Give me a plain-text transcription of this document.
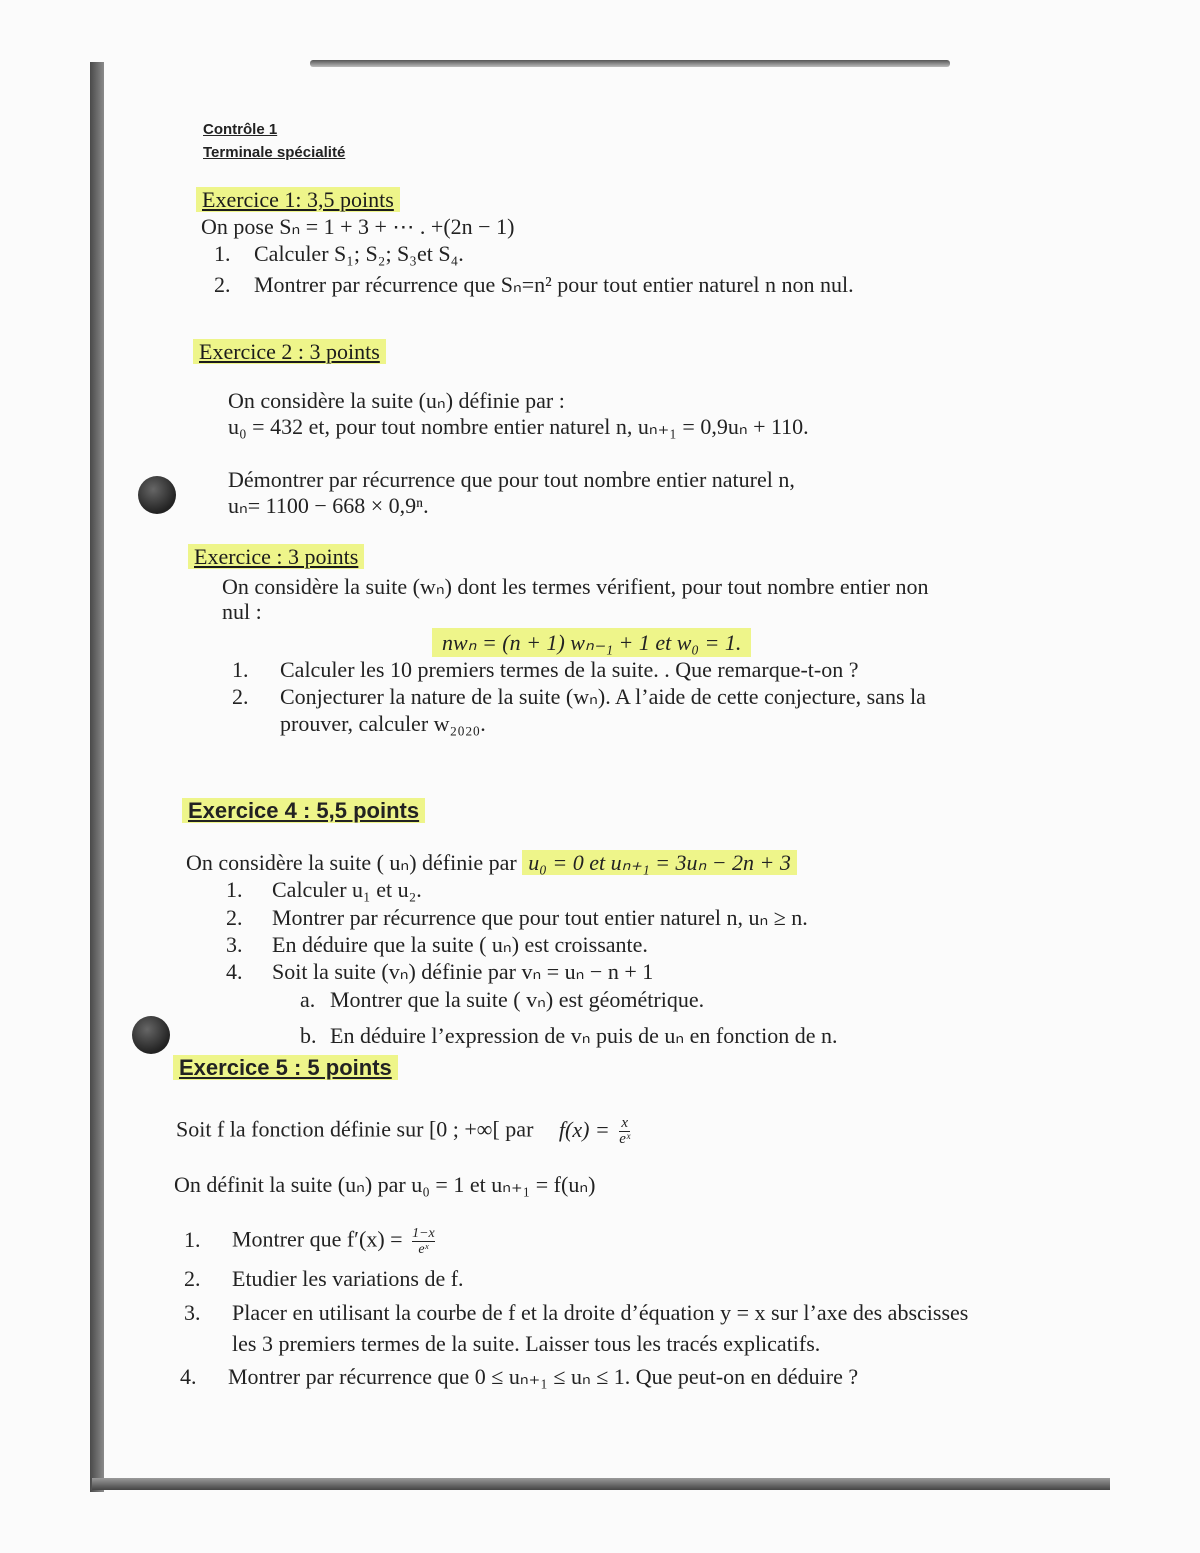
Contrôle 1
Terminale spécialité
Exercice 1: 3,5 points
On pose Sₙ = 1 + 3 + ⋯ . +(2n − 1)
1. Calculer S₁; S₂; S₃et S₄.
2. Montrer par récurrence que Sₙ=n² pour tout entier naturel n non nul.
Exercice 2 : 3 points
On considère la suite (uₙ) définie par :
u₀ = 432 et, pour tout nombre entier naturel n, uₙ₊₁ = 0,9uₙ + 110.
Démontrer par récurrence que pour tout nombre entier naturel n,
uₙ= 1100 − 668 × 0,9ⁿ.
Exercice : 3 points
On considère la suite (wₙ) dont les termes vérifient, pour tout nombre entier non
nul :
nwₙ = (n + 1) wₙ₋₁ + 1 et w₀ = 1.
1. Calculer les 10 premiers termes de la suite. . Que remarque-t-on ?
2. Conjecturer la nature de la suite (wₙ). A l’aide de cette conjecture, sans la
prouver, calculer w₂₀₂₀.
Exercice 4 : 5,5 points
On considère la suite ( uₙ) définie par u₀ = 0 et uₙ₊₁ = 3uₙ − 2n + 3
1. Calculer u₁ et u₂.
2. Montrer par récurrence que pour tout entier naturel n, uₙ ≥ n.
3. En déduire que la suite ( uₙ) est croissante.
4. Soit la suite (vₙ) définie par vₙ = uₙ − n + 1
a. Montrer que la suite ( vₙ) est géométrique.
b. En déduire l’expression de vₙ puis de uₙ en fonction de n.
Exercice 5 : 5 points
Soit f la fonction définie sur [0 ; +∞[ par $f(x) = \frac{x}{\text{eˣ}}$
On définit la suite (uₙ) par u₀ = 1 et uₙ₊₁ = f(uₙ)
1. Montrer que $f'(x) = \frac{1-x}{\text{eˣ}}$
2. Etudier les variations de f.
3. Placer en utilisant la courbe de f et la droite d’équation y = x sur l’axe des abscisses
les 3 premiers termes de la suite. Laisser tous les tracés explicatifs.
4. Montrer par récurrence que 0 ≤ uₙ₊₁ ≤ uₙ ≤ 1. Que peut-on en déduire ?
